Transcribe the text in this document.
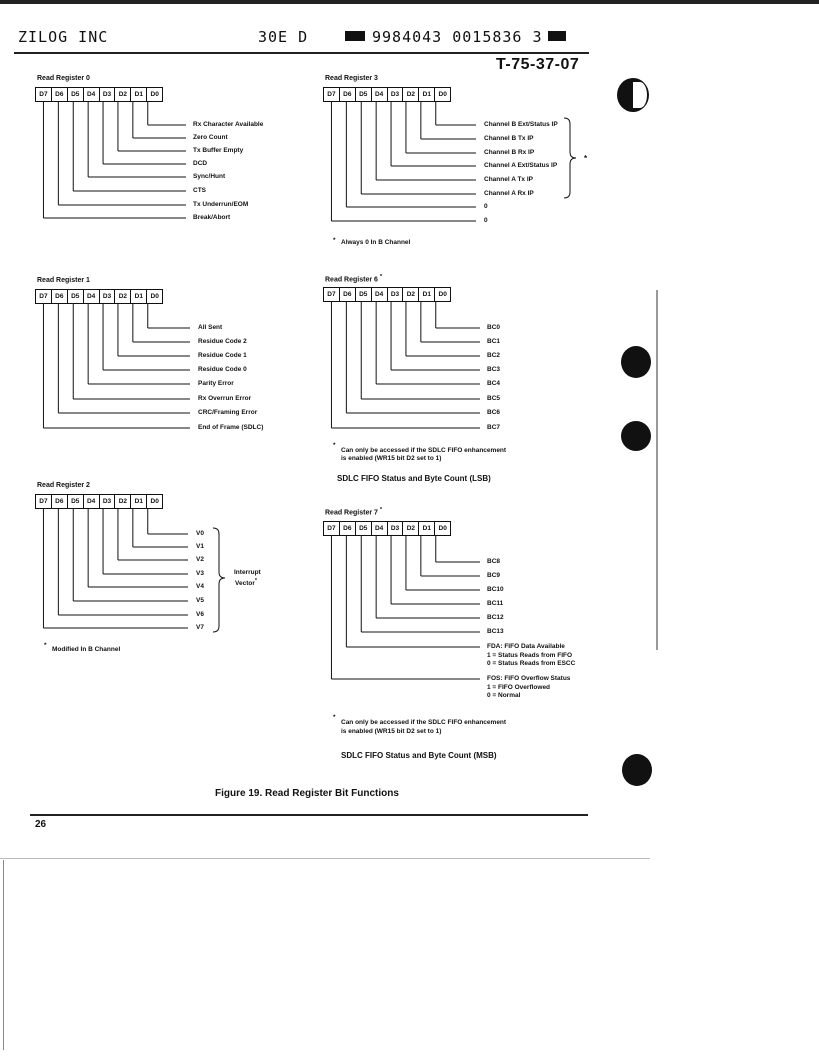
ZILOG INC	30E D	9984043 0015836 3
T-75-37-07
Read Register 0	Read Register 3
Read Register 1	Read Register 6 *
Read Register 2
Read Register 7 *
D7	D6	D5	D4	D3	D2	D1	D0	D7	D6	D5	D4	D3	D2	D1	D0
D7	D6	D5	D4	D3	D2	D1	D0	D7	D6	D5	D4	D3	D2	D1	D0
D7	D6	D5	D4	D3	D2	D1	D0
D7	D6	D5	D4	D3	D2	D1	D0
Rx Character Available
Zero Count
Tx Buffer Empty
DCD
Sync/Hunt
CTS
Tx Underrun/EOM
Break/Abort
Channel B Ext/Status IP
Channel B Tx IP
Channel B Rx IP
Channel A Ext/Status IP
Channel A Tx IP
Channel A Rx IP
0
0
*
* Always 0 In B Channel
All Sent
Residue Code 2
Residue Code 1
Residue Code 0
Parity Error
Rx Overrun Error
CRC/Framing Error
End of Frame (SDLC)
BC0
BC1
BC2
BC3
BC4
BC5
BC6
BC7
*
Can only be accessed if the SDLC FIFO enhancement
is enabled (WR15 bit D2 set to 1)
SDLC FIFO Status and Byte Count (LSB)
V0
V1
V2
V3
V4
V5
V6
V7
Interrupt
Vector*
*
Modified In B Channel
BC8
BC9
BC10
BC11
BC12
BC13
FDA: FIFO Data Available
1 = Status Reads from FIFO
0 = Status Reads from ESCC
FOS: FIFO Overflow Status
1 = FIFO Overflowed
0 = Normal
*
Can only be accessed if the SDLC FIFO enhancement
is enabled (WR15 bit D2 set to 1)
SDLC FIFO Status and Byte Count (MSB)
Figure 19. Read Register Bit Functions
26
